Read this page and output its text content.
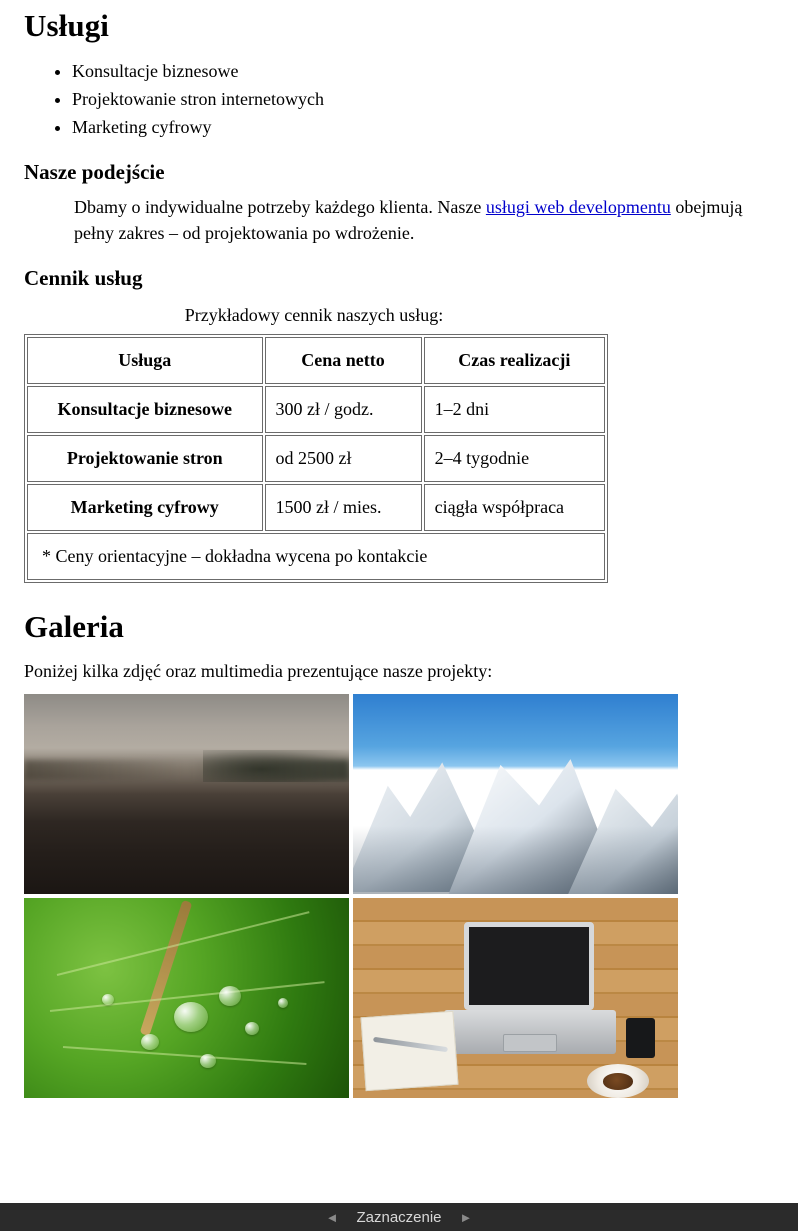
Usługi
• Konsultacje biznesowe
• Projektowanie stron internetowych
• Marketing cyfrowy
Nasze podejście
Dbamy o indywidualne potrzeby każdego klienta. Nasze usługi web developmentu obejmują pełny zakres – od projektowania po wdrożenie.
Cennik usług

Przykładowy cennik naszych usług:

Usługa	Cena netto	Czas realizacji
Konsultacje biznesowe	300 zł / godz.	1–2 dni
Projektowanie stron	od 2500 zł	2–4 tygodnie
Marketing cyfrowy	1500 zł / mies.	ciągła współpraca
* Ceny orientacyjne – dokładna wycena po kontakcie		
Galeria

Poniżej kilka zdjęć oraz multimedia prezentujące nasze projekty:

◄ Zaznaczenie ►
